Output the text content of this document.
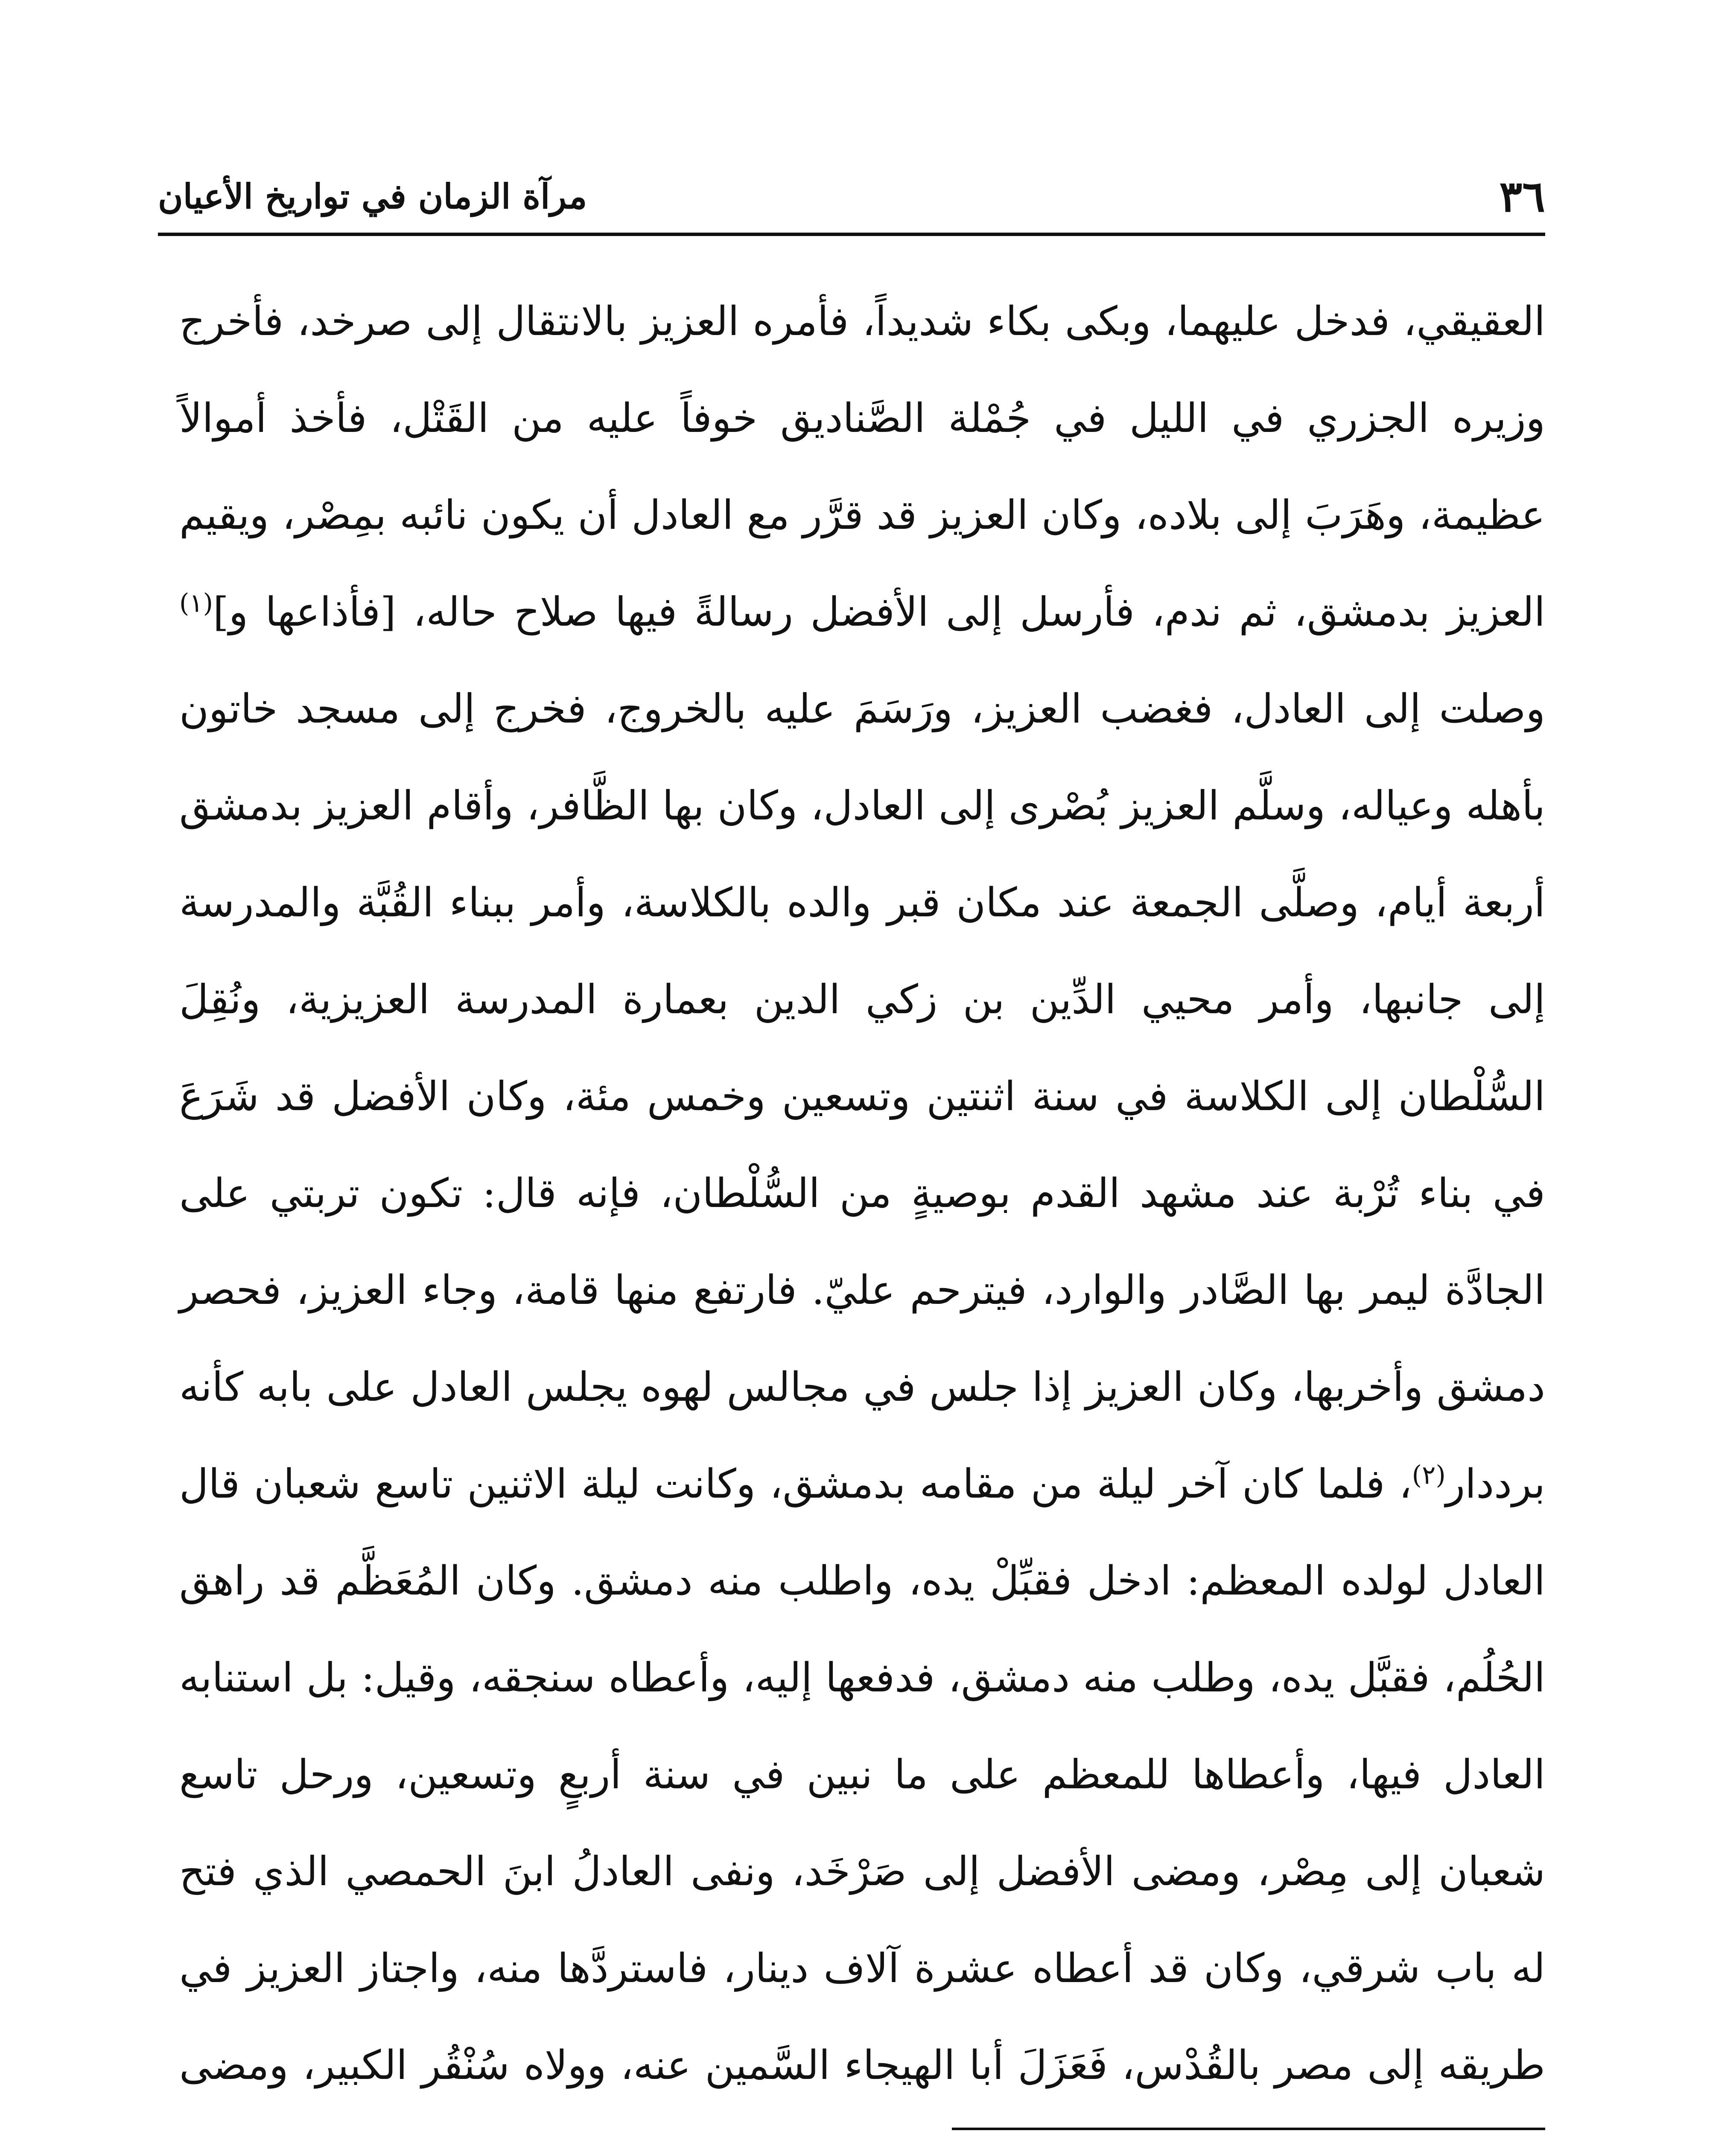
٣٦
مرآة الزمان في تواريخ الأعيان

العقيقي، فدخل عليهما، وبكى بكاء شديداً، فأمره العزيز بالانتقال إلى صرخد، فأخرج وزيره الجزري في الليل في جُمْلة الصَّناديق خوفاً عليه من القَتْل، فأخذ أموالاً عظيمة، وهَرَبَ إلى بلاده، وكان العزيز قد قرَّر مع العادل أن يكون نائبه بمِصْر، ويقيم العزيز بدمشق، ثم ندم، فأرسل إلى الأفضل رسالةً فيها صلاح حاله، [فأذاعها و]$^{(١)}$ وصلت إلى العادل، فغضب العزيز، ورَسَمَ عليه بالخروج، فخرج إلى مسجد خاتون بأهله وعياله، وسلَّم العزيز بُصْرى إلى العادل، وكان بها الظَّافر، وأقام العزيز بدمشق أربعة أيام، وصلَّى الجمعة عند مكان قبر والده بالكلاسة، وأمر ببناء القُبَّة والمدرسة إلى جانبها، وأمر محيي الدِّين بن زكي الدين بعمارة المدرسة العزيزية، ونُقِلَ السُّلْطان إلى الكلاسة في سنة اثنتين وتسعين وخمس مئة، وكان الأفضل قد شَرَعَ في بناء تُرْبة عند مشهد القدم بوصيةٍ من السُّلْطان، فإنه قال: تكون تربتي على الجادَّة ليمر بها الصَّادر والوارد، فيترحم عليّ. فارتفع منها قامة، وجاء العزيز، فحصر دمشق وأخربها، وكان العزيز إذا جلس في مجالس لهوه يجلس العادل على بابه كأنه برددار$^{(٢)}$، فلما كان آخر ليلة من مقامه بدمشق، وكانت ليلة الاثنين تاسع شعبان قال العادل لولده المعظم: ادخل فقبِّلْ يده، واطلب منه دمشق. وكان المُعَظَّم قد راهق الحُلُم، فقبَّل يده، وطلب منه دمشق، فدفعها إليه، وأعطاه سنجقه، وقيل: بل استنابه العادل فيها، وأعطاها للمعظم على ما نبين في سنة أربعٍ وتسعين، ورحل تاسع شعبان إلى مِصْر، ومضى الأفضل إلى صَرْخَد، ونفى العادلُ ابنَ الحمصي الذي فتح له باب شرقي، وكان قد أعطاه عشرة آلاف دينار، فاستردَّها منه، واجتاز العزيز في طريقه إلى مصر بالقُدْس، فَعَزَلَ أبا الهيجاء السَّمين عنه، وولاه سُنْقُر الكبير، ومضى
